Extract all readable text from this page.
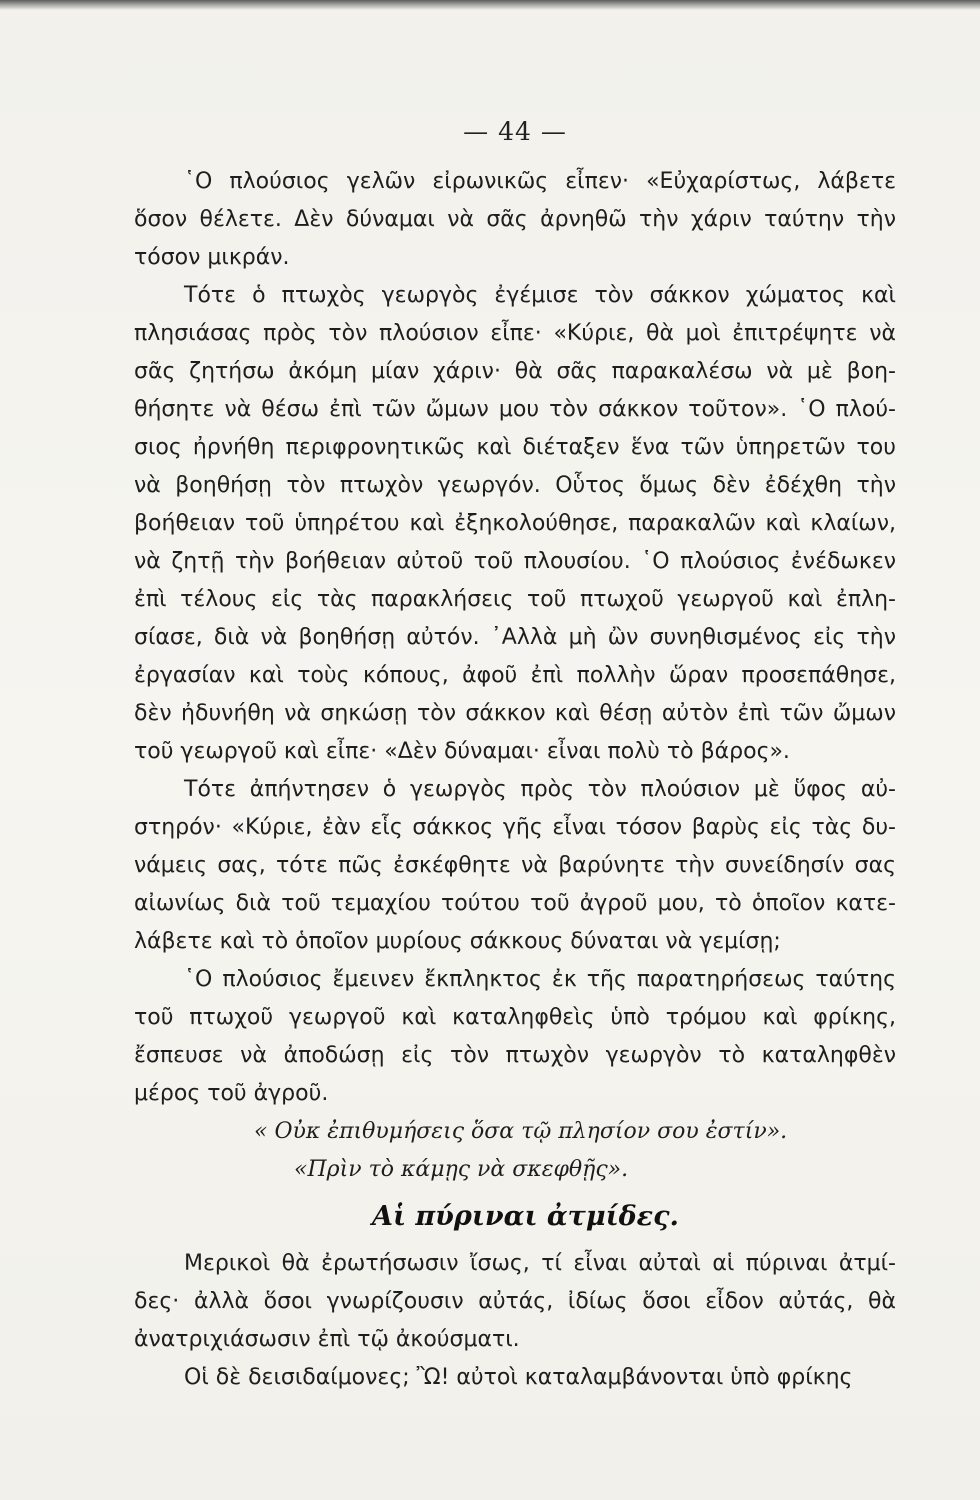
— 44 —
῾Ο πλούσιος γελῶν εἰρωνικῶς εἶπεν· «Εὐχαρίστως, λάβετε
ὅσον θέλετε. Δὲν δύναμαι νὰ σᾶς ἀρνηθῶ τὴν χάριν ταύτην τὴν
τόσον μικράν.
Τότε ὁ πτωχὸς γεωργὸς ἐγέμισε τὸν σάκκον χώματος καὶ
πλησιάσας πρὸς τὸν πλούσιον εἶπε· «Κύριε, θὰ μοὶ ἐπιτρέψητε νὰ
σᾶς ζητήσω ἀκόμη μίαν χάριν· θὰ σᾶς παρακαλέσω νὰ μὲ βοη-
θήσητε νὰ θέσω ἐπὶ τῶν ὤμων μου τὸν σάκκον τοῦτον». ῾Ο πλού-
σιος ἠρνήθη περιφρονητικῶς καὶ διέταξεν ἕνα τῶν ὑπηρετῶν του
νὰ βοηθήσῃ τὸν πτωχὸν γεωργόν. Οὗτος ὅμως δὲν ἐδέχθη τὴν
βοήθειαν τοῦ ὑπηρέτου καὶ ἐξηκολούθησε, παρακαλῶν καὶ κλαίων,
νὰ ζητῇ τὴν βοήθειαν αὐτοῦ τοῦ πλουσίου. ῾Ο πλούσιος ἐνέδωκεν
ἐπὶ τέλους εἰς τὰς παρακλήσεις τοῦ πτωχοῦ γεωργοῦ καὶ ἐπλη-
σίασε, διὰ νὰ βοηθήσῃ αὐτόν. ᾿Αλλὰ μὴ ὢν συνηθισμένος εἰς τὴν
ἐργασίαν καὶ τοὺς κόπους, ἀφοῦ ἐπὶ πολλὴν ὥραν προσεπάθησε,
δὲν ἠδυνήθη νὰ σηκώσῃ τὸν σάκκον καὶ θέσῃ αὐτὸν ἐπὶ τῶν ὤμων
τοῦ γεωργοῦ καὶ εἶπε· «Δὲν δύναμαι· εἶναι πολὺ τὸ βάρος».
Τότε ἀπήντησεν ὁ γεωργὸς πρὸς τὸν πλούσιον μὲ ὕφος αὐ-
στηρόν· «Κύριε, ἐὰν εἷς σάκκος γῆς εἶναι τόσον βαρὺς εἰς τὰς δυ-
νάμεις σας, τότε πῶς ἐσκέφθητε νὰ βαρύνητε τὴν συνείδησίν σας
αἰωνίως διὰ τοῦ τεμαχίου τούτου τοῦ ἀγροῦ μου, τὸ ὁποῖον κατε-
λάβετε καὶ τὸ ὁποῖον μυρίους σάκκους δύναται νὰ γεμίσῃ;
῾Ο πλούσιος ἔμεινεν ἔκπληκτος ἐκ τῆς παρατηρήσεως ταύτης
τοῦ πτωχοῦ γεωργοῦ καὶ καταληφθεὶς ὑπὸ τρόμου καὶ φρίκης,
ἔσπευσε νὰ ἀποδώσῃ εἰς τὸν πτωχὸν γεωργὸν τὸ καταληφθὲν
μέρος τοῦ ἀγροῦ.
« Οὐκ ἐπιθυμήσεις ὅσα τῷ πλησίον σου ἐστίν».
«Πρὶν τὸ κάμῃς νὰ σκεφθῇς».
Αἱ πύριναι ἀτμίδες.
Μερικοὶ θὰ ἐρωτήσωσιν ἴσως, τί εἶναι αὐταὶ αἱ πύριναι ἀτμί-
δες· ἀλλὰ ὅσοι γνωρίζουσιν αὐτάς, ἰδίως ὅσοι εἶδον αὐτάς, θὰ
ἀνατριχιάσωσιν ἐπὶ τῷ ἀκούσματι.
Οἱ δὲ δεισιδαίμονες; Ὢ! αὐτοὶ καταλαμβάνονται ὑπὸ φρίκης
